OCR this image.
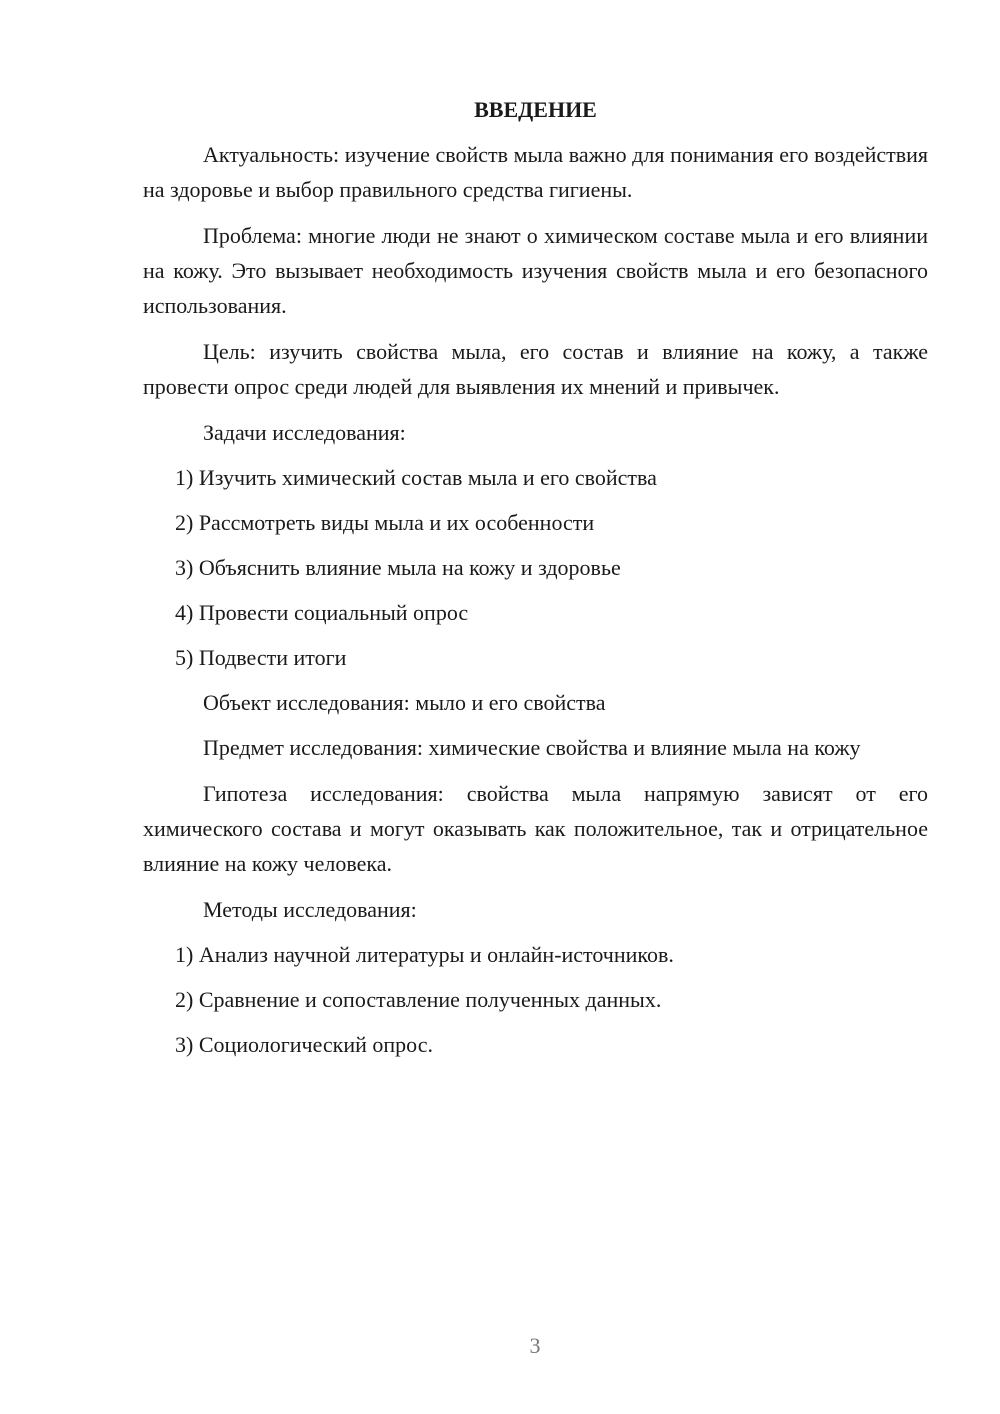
ВВЕДЕНИЕ

Актуальность: изучение свойств мыла важно для понимания его воздействия на здоровье и выбор правильного средства гигиены.

Проблема: многие люди не знают о химическом составе мыла и его влиянии на кожу. Это вызывает необходимость изучения свойств мыла и его безопасного использования.

Цель: изучить свойства мыла, его состав и влияние на кожу, а также провести опрос среди людей для выявления их мнений и привычек.

Задачи исследования:
1) Изучить химический состав мыла и его свойства
2) Рассмотреть виды мыла и их особенности
3) Объяснить влияние мыла на кожу и здоровье
4) Провести социальный опрос
5) Подвести итоги
Объект исследования: мыло и его свойства

Предмет исследования: химические свойства и влияние мыла на кожу

Гипотеза исследования: свойства мыла напрямую зависят от его химического состава и могут оказывать как положительное, так и отрицательное влияние на кожу человека.

Методы исследования:
1) Анализ научной литературы и онлайн-источников.
2) Сравнение и сопоставление полученных данных.
3) Социологический опрос.
3
